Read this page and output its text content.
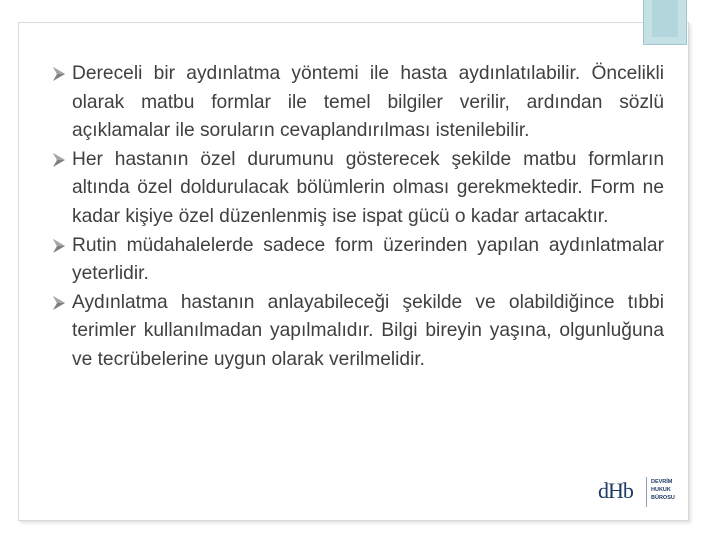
Dereceli bir aydınlatma yöntemi ile hasta aydınlatılabilir. Öncelikli olarak matbu formlar ile temel bilgiler verilir, ardından sözlü açıklamalar ile soruların cevaplandırılması istenilebilir.
Her hastanın özel durumunu gösterecek şekilde matbu formların altında özel doldurulacak bölümlerin olması gerekmektedir. Form ne kadar kişiye özel düzenlenmiş ise ispat gücü o kadar artacaktır.
Rutin müdahalelerde sadece form üzerinden yapılan aydınlatmalar yeterlidir.
Aydınlatma hastanın anlayabileceği şekilde ve olabildiğince tıbbi terimler kullanılmadan yapılmalıdır. Bilgi bireyin yaşına, olgunluğuna ve tecrübelerine uygun olarak verilmelidir.
dHb	DEVRİM
HUKUK
BÜROSU
